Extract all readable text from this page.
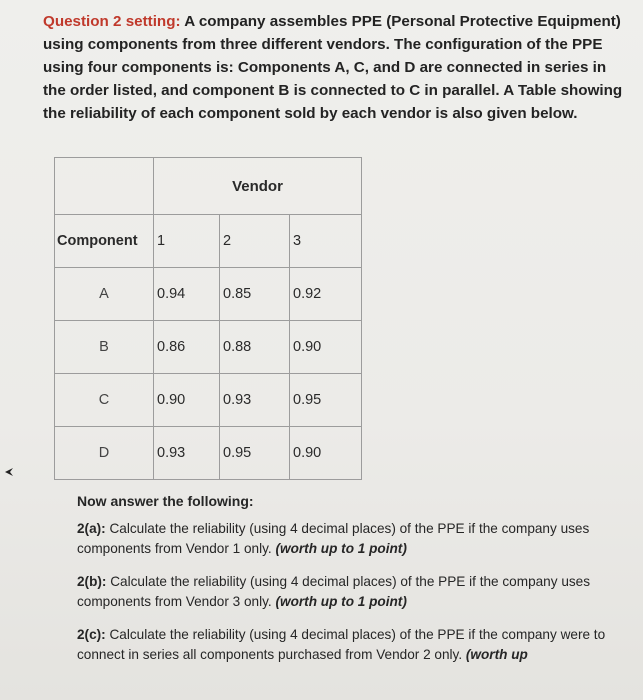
Question 2 setting: A company assembles PPE (Personal Protective Equipment) using components from three different vendors. The configuration of the PPE using four components is: Components A, C, and D are connected in series in the order listed, and component B is connected to C in parallel. A Table showing the reliability of each component sold by each vendor is also given below.
	Vendor		
Component	1	2	3
A	0.94	0.85	0.92
B	0.86	0.88	0.90
C	0.90	0.93	0.95
D	0.93	0.95	0.90
Now answer the following:
2(a): Calculate the reliability (using 4 decimal places) of the PPE if the company uses components from Vendor 1 only. (worth up to 1 point)
2(b): Calculate the reliability (using 4 decimal places) of the PPE if the company uses components from Vendor 3 only. (worth up to 1 point)
2(c): Calculate the reliability (using 4 decimal places) of the PPE if the company were to connect in series all components purchased from Vendor 2 only. (worth up
